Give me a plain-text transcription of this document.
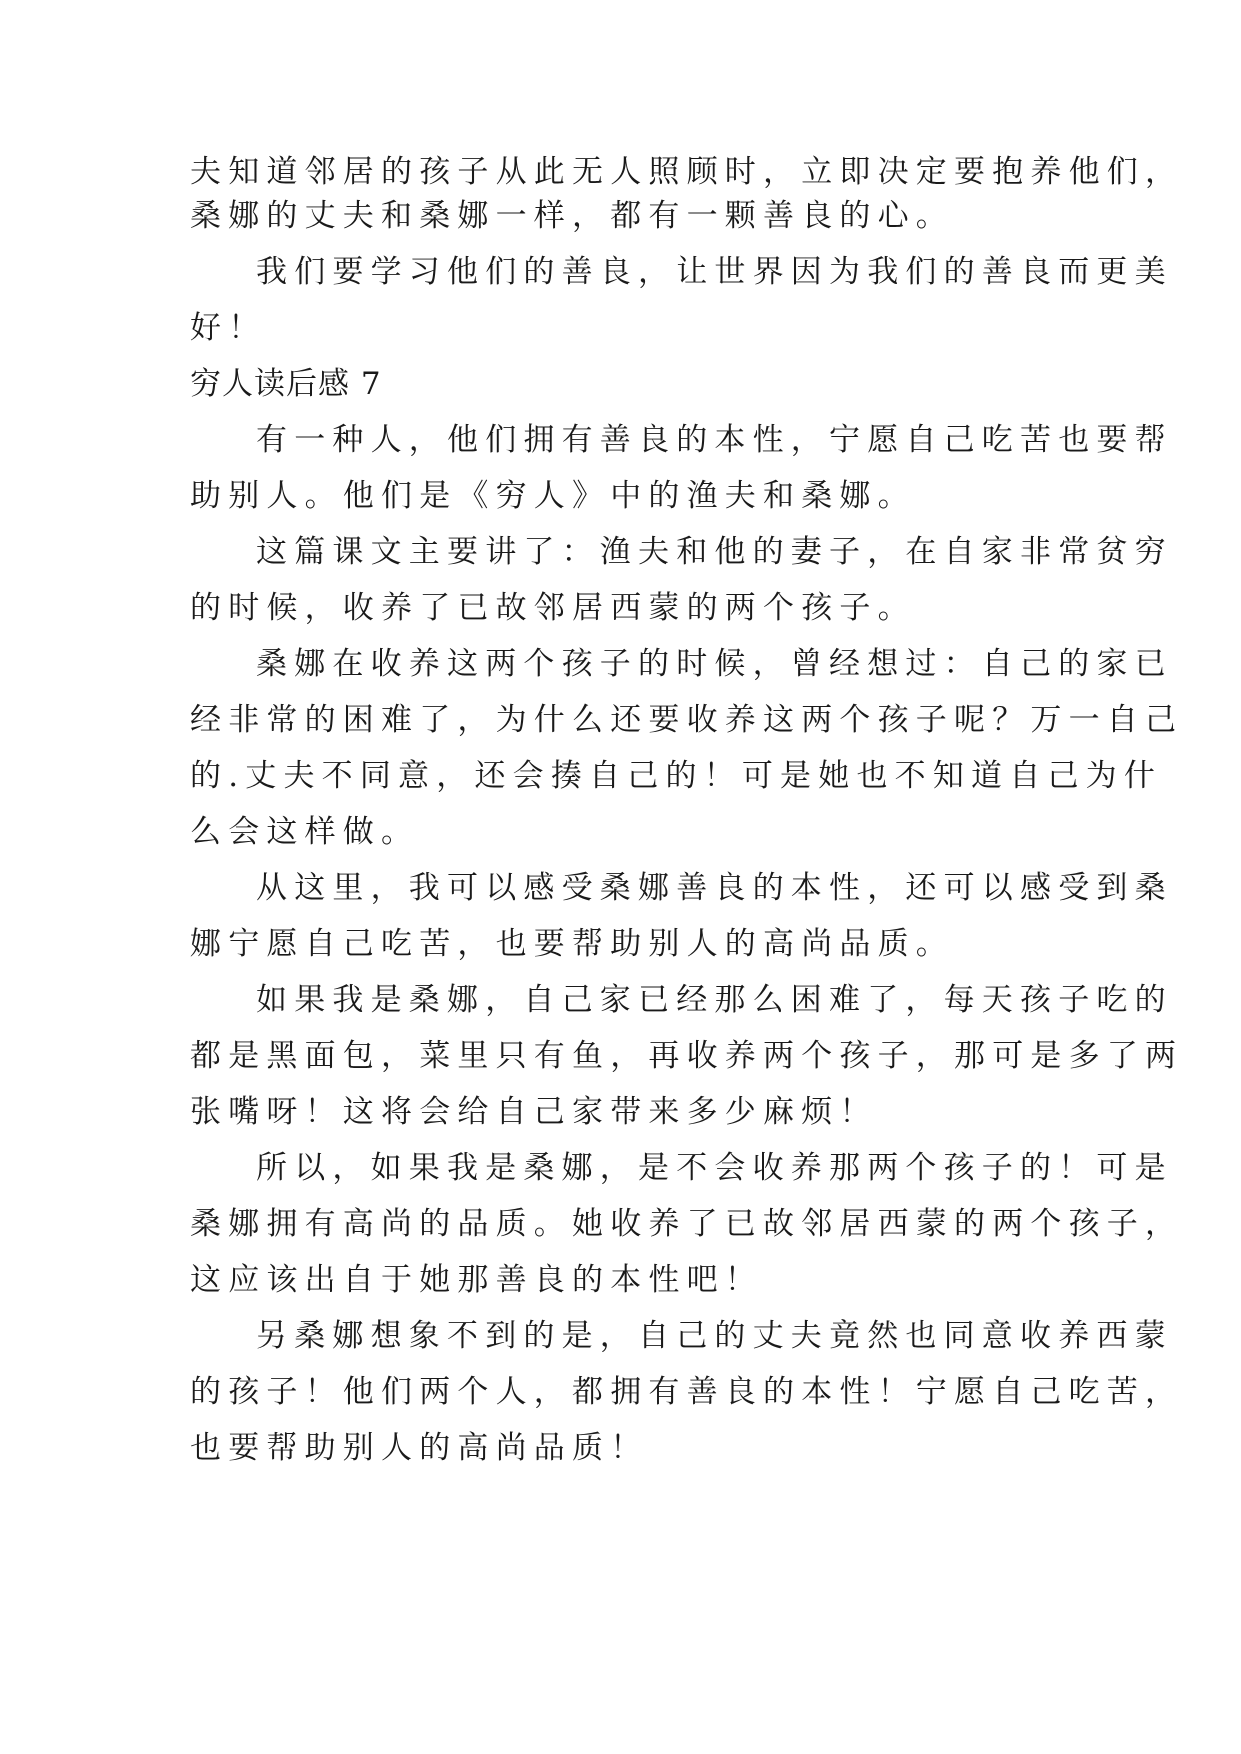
夫知道邻居的孩子从此无人照顾时，立即决定要抱养他们，
桑娜的丈夫和桑娜一样，都有一颗善良的心。
我们要学习他们的善良，让世界因为我们的善良而更美
好！
穷人读后感 7
有一种人，他们拥有善良的本性，宁愿自己吃苦也要帮
助别人。他们是《穷人》中的渔夫和桑娜。
这篇课文主要讲了：渔夫和他的妻子，在自家非常贫穷
的时候，收养了已故邻居西蒙的两个孩子。
桑娜在收养这两个孩子的时候，曾经想过：自己的家已
经非常的困难了，为什么还要收养这两个孩子呢？万一自己
的.丈夫不同意，还会揍自己的！可是她也不知道自己为什
么会这样做。
从这里，我可以感受桑娜善良的本性，还可以感受到桑
娜宁愿自己吃苦，也要帮助别人的高尚品质。
如果我是桑娜，自己家已经那么困难了，每天孩子吃的
都是黑面包，菜里只有鱼，再收养两个孩子，那可是多了两
张嘴呀！这将会给自己家带来多少麻烦！
所以，如果我是桑娜，是不会收养那两个孩子的！可是
桑娜拥有高尚的品质。她收养了已故邻居西蒙的两个孩子，
这应该出自于她那善良的本性吧！
另桑娜想象不到的是，自己的丈夫竟然也同意收养西蒙
的孩子！他们两个人，都拥有善良的本性！宁愿自己吃苦，
也要帮助别人的高尚品质！
